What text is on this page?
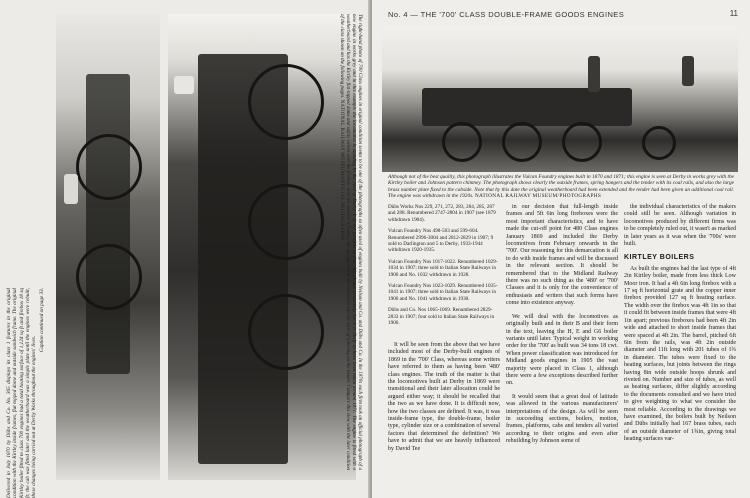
Delivered in July 1870 by Dübs and Co. No. 365 displays its class 1 features in the original condition with the Kirtley inside frames, flat topped dome and outside sandwich frame. The original Kirtley boiler fitted to class 700 engines had a total heating surface of 1,124 sq ft and firebox 18 sq ft; the cab was fitted later and the weatherboard was a simple plate until the engines were rebuilt, these changes being carried out at Derby Works throughout the engines' lives.
Caption continued on page 33.	The right-hand photo of 700 Class engines in original condition seems to be one of the photographs so often used of engines built by Neilson and Co. and Dübs and Co. In the 1870s each firm took an official photograph of a new engine in works grey and in this example the locomotive is standing in the yard at Derby. It is not possible to date this picture accurately but it is likely to have been taken around 1871. The engine is fitted with a weatherboard and has the Kirtley flat-topped dome and safety valves over the firebox; note the sandwich frames, the springs above the axleboxes and the style of lettering on the tender. Compare this view with the later condition of the class shown on the following pages. NATIONAL RAILWAY MUSEUM/OFFICIAL PHOTOGRAPHS
No. 4 — THE '700' CLASS DOUBLE-FRAME GOODS ENGINES	11
Although not of the best quality, this photograph illustrates the Vulcan Foundry engines built in 1870 and 1871; this engine is seen at Derby in works grey with the Kirtley boiler and Johnson pattern chimney. The photograph shows clearly the outside frames, spring hangers and the tender with its coal rails, and also the large brass number plate fixed to the cabside. Note that by this date the original weatherboard had been extended and the tender had been given an additional coal rail. The engine was withdrawn in the 1920s. NATIONAL RAILWAY MUSEUM/PHOTOGRAPHS

Dübs Works Nos 229, 271, 272, 283, 284, 285, 287 and 288. Renumbered 2747-2804 in 1907 (see 1879 withdrawn 1904).

Vulcan Foundry Nos 498-503 and 599-604. Renumbered 2996-3004 and 2812-2829 in 1907; 9 sold to Darlington and 5 to Derby, 1933-1944 withdrawn 1920-1935.

Vulcan Foundry Nos 1017-1022. Renumbered 1029-1034 in 1907; three sold to Italian State Railways in 1906 and No. 1032 withdrawn in 1928.

Vulcan Foundry Nos 1023-1029. Renumbered 1035-1041 in 1907; three sold to Italian State Railways in 1906 and No. 1041 withdrawn in 1930.

Dübs and Co. Nos 1065-1069. Renumbered 2829-2833 in 1907; four sold to Italian State Railways in 1906.

It will be seen from the above that we have included most of the Derby-built engines of 1869 in the '700' Class, whereas some writers have referred to them as having been '480' class engines. The truth of the matter is that the locomotives built at Derby in 1869 were transitional and their later allocation could be argued either way; it should be recalled that the two as we have done. It is difficult now, how the two classes are defined. It was, it was inside-frame type, the double-frame, boiler type, cylinder size or a combination of several factors that determined the definition? We have to admit that we are heavily influenced by David Tee

in our decision that full-length inside frames and 5ft 6in long fireboxes were the most important characteristics, and to have made the cut-off point for 480 Class engines January 1869 and included the Derby locomotives from February onwards in the '700'. Our reasoning for this demarcation is all to do with inside frames and will be discussed in the relevant section. It should be remembered that to the Midland Railway there was no such thing as the '480' or '700' Classes and it is only for the convenience of enthusiasts and writers that such forms have come into existence anyway.

We will deal with the locomotives as originally built and in their B and their form in the text, leaving the H, E and G6 boiler variants until later. Typical weight in working order for the '700' as built was 34 tons 18 cwt. When power classification was introduced for Midland goods engines in 1905 the vast majority were placed in Class 1, although there were a few exceptions described further on.

It would seem that a great deal of latitude was allowed in the various manufacturers' interpretations of the design. As will be seen in succeeding sections, boilers, motion, frames, platforms, cabs and tenders all varied according to their origins and even after rebuilding by Johnson some of

the individual characteristics of the makers could still be seen. Although variation in locomotives produced by different firms was to be completely ruled out, it wasn't as marked in later years as it was when the '700s' were built.

KIRTLEY BOILERS

As built the engines had the last type of 4ft 2in Kirtley boiler, made from less thick Low Moor iron. It had a 4ft 6in long firebox with a 17 sq ft horizontal grate and the copper inner firebox provided 127 sq ft heating surface. The width over the firebox was 4ft 1in so that it could fit between inside frames that were 4ft 1in apart; previous fireboxes had been 4ft 2in wide and attached to short inside frames that were spaced at 4ft 2in. The barrel, pitched 6ft 6in from the rails, was 4ft 2in outside diameter and 11ft long with 201 tubes of 1¾ in diameter. The tubes were fixed to the heating surfaces, but joints between the rings having 8in wide outside hoops shrunk and riveted on. Number and size of tubes, as well as heating surfaces, differ slightly according to the documents consulted and we have tried to give weighting to what we consider the most reliable. According to the drawings we have examined, the boilers built by Neilson and Dübs initially had 167 brass tubes, each of an outside diameter of 1¾in, giving total heating surfaces var-
